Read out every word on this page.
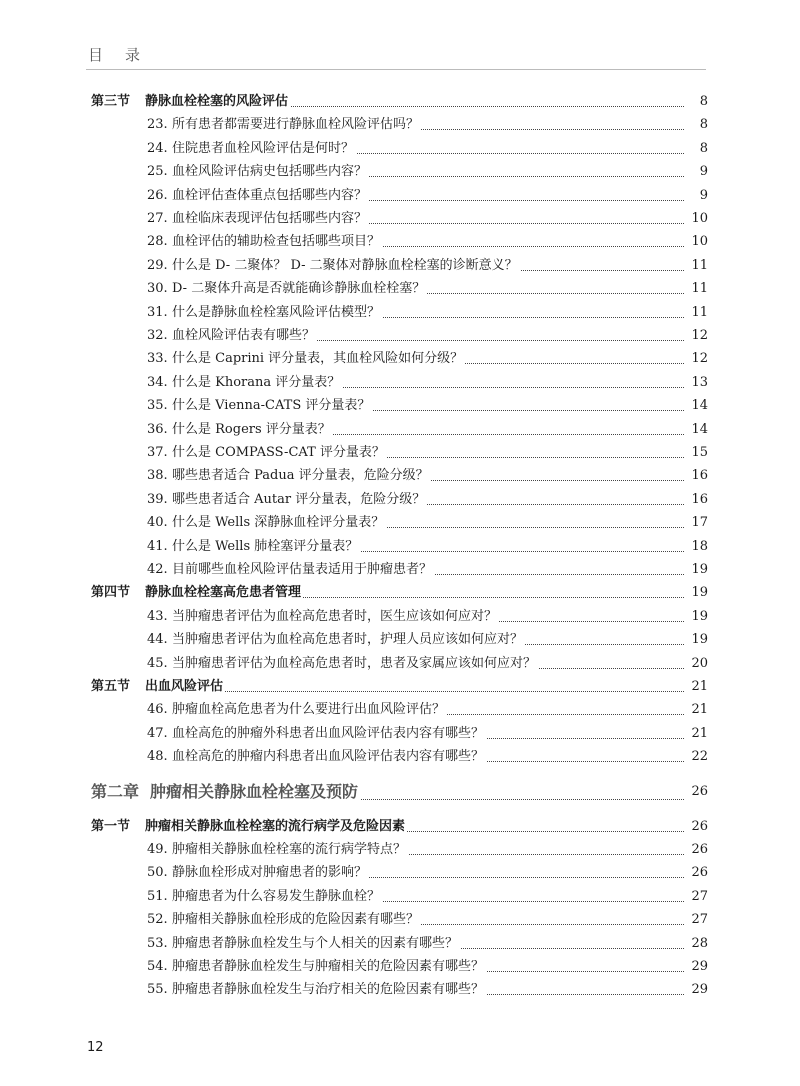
目录
第三节 静脉血栓栓塞的风险评估	8
23. 所有患者都需要进行静脉血栓风险评估吗？	8
24. 住院患者血栓风险评估是何时？	8
25. 血栓风险评估病史包括哪些内容？	9
26. 血栓评估查体重点包括哪些内容？	9
27. 血栓临床表现评估包括哪些内容？	10
28. 血栓评估的辅助检查包括哪些项目？	10
29. 什么是 D- 二聚体？ D- 二聚体对静脉血栓栓塞的诊断意义？	11
30. D- 二聚体升高是否就能确诊静脉血栓栓塞？	11
31. 什么是静脉血栓栓塞风险评估模型？	11
32. 血栓风险评估表有哪些？	12
33. 什么是 Caprini 评分量表，其血栓风险如何分级？	12
34. 什么是 Khorana 评分量表？	13
35. 什么是 Vienna-CATS 评分量表？	14
36. 什么是 Rogers 评分量表？	14
37. 什么是 COMPASS-CAT 评分量表？	15
38. 哪些患者适合 Padua 评分量表，危险分级？	16
39. 哪些患者适合 Autar 评分量表，危险分级？	16
40. 什么是 Wells 深静脉血栓评分量表？	17
41. 什么是 Wells 肺栓塞评分量表？	18
42. 目前哪些血栓风险评估量表适用于肿瘤患者？	19
第四节 静脉血栓栓塞高危患者管理	19
43. 当肿瘤患者评估为血栓高危患者时，医生应该如何应对？	19
44. 当肿瘤患者评估为血栓高危患者时，护理人员应该如何应对？	19
45. 当肿瘤患者评估为血栓高危患者时，患者及家属应该如何应对？	20
第五节 出血风险评估	21
46. 肿瘤血栓高危患者为什么要进行出血风险评估？	21
47. 血栓高危的肿瘤外科患者出血风险评估表内容有哪些？	21
48. 血栓高危的肿瘤内科患者出血风险评估表内容有哪些？	22
第二章 肿瘤相关静脉血栓栓塞及预防	26
第一节 肿瘤相关静脉血栓栓塞的流行病学及危险因素	26
49. 肿瘤相关静脉血栓栓塞的流行病学特点？	26
50. 静脉血栓形成对肿瘤患者的影响？	26
51. 肿瘤患者为什么容易发生静脉血栓？	27
52. 肿瘤相关静脉血栓形成的危险因素有哪些？	27
53. 肿瘤患者静脉血栓发生与个人相关的因素有哪些？	28
54. 肿瘤患者静脉血栓发生与肿瘤相关的危险因素有哪些？	29
55. 肿瘤患者静脉血栓发生与治疗相关的危险因素有哪些？	29
12
